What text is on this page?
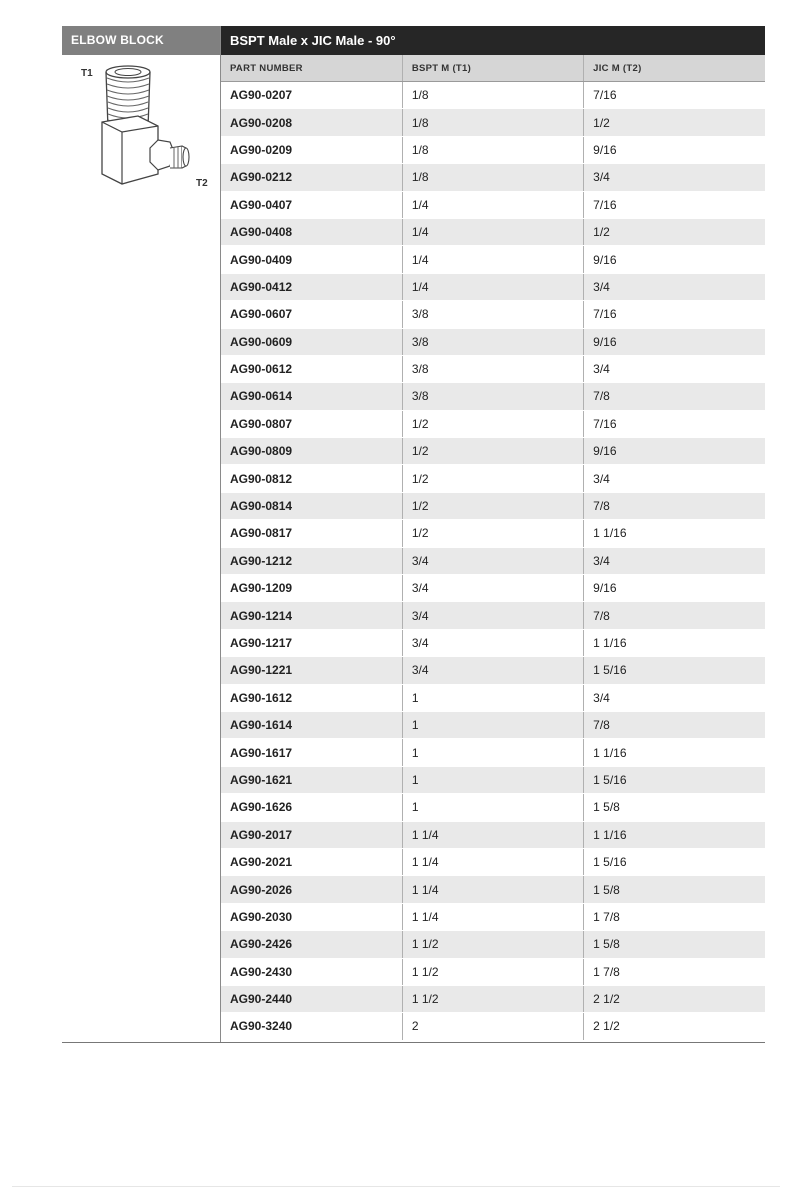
ELBOW BLOCK
T1
T2
BSPT Male x JIC Male - 90°
PART NUMBER	BSPT M (T1)	JIC M (T2)
AG90-0207	1/8	7/16
AG90-0208	1/8	1/2
AG90-0209	1/8	9/16
AG90-0212	1/8	3/4
AG90-0407	1/4	7/16
AG90-0408	1/4	1/2
AG90-0409	1/4	9/16
AG90-0412	1/4	3/4
AG90-0607	3/8	7/16
AG90-0609	3/8	9/16
AG90-0612	3/8	3/4
AG90-0614	3/8	7/8
AG90-0807	1/2	7/16
AG90-0809	1/2	9/16
AG90-0812	1/2	3/4
AG90-0814	1/2	7/8
AG90-0817	1/2	1 1/16
AG90-1212	3/4	3/4
AG90-1209	3/4	9/16
AG90-1214	3/4	7/8
AG90-1217	3/4	1 1/16
AG90-1221	3/4	1 5/16
AG90-1612	1	3/4
AG90-1614	1	7/8
AG90-1617	1	1 1/16
AG90-1621	1	1 5/16
AG90-1626	1	1 5/8
AG90-2017	1 1/4	1 1/16
AG90-2021	1 1/4	1 5/16
AG90-2026	1 1/4	1 5/8
AG90-2030	1 1/4	1 7/8
AG90-2426	1 1/2	1 5/8
AG90-2430	1 1/2	1 7/8
AG90-2440	1 1/2	2 1/2
AG90-3240	2	2 1/2
